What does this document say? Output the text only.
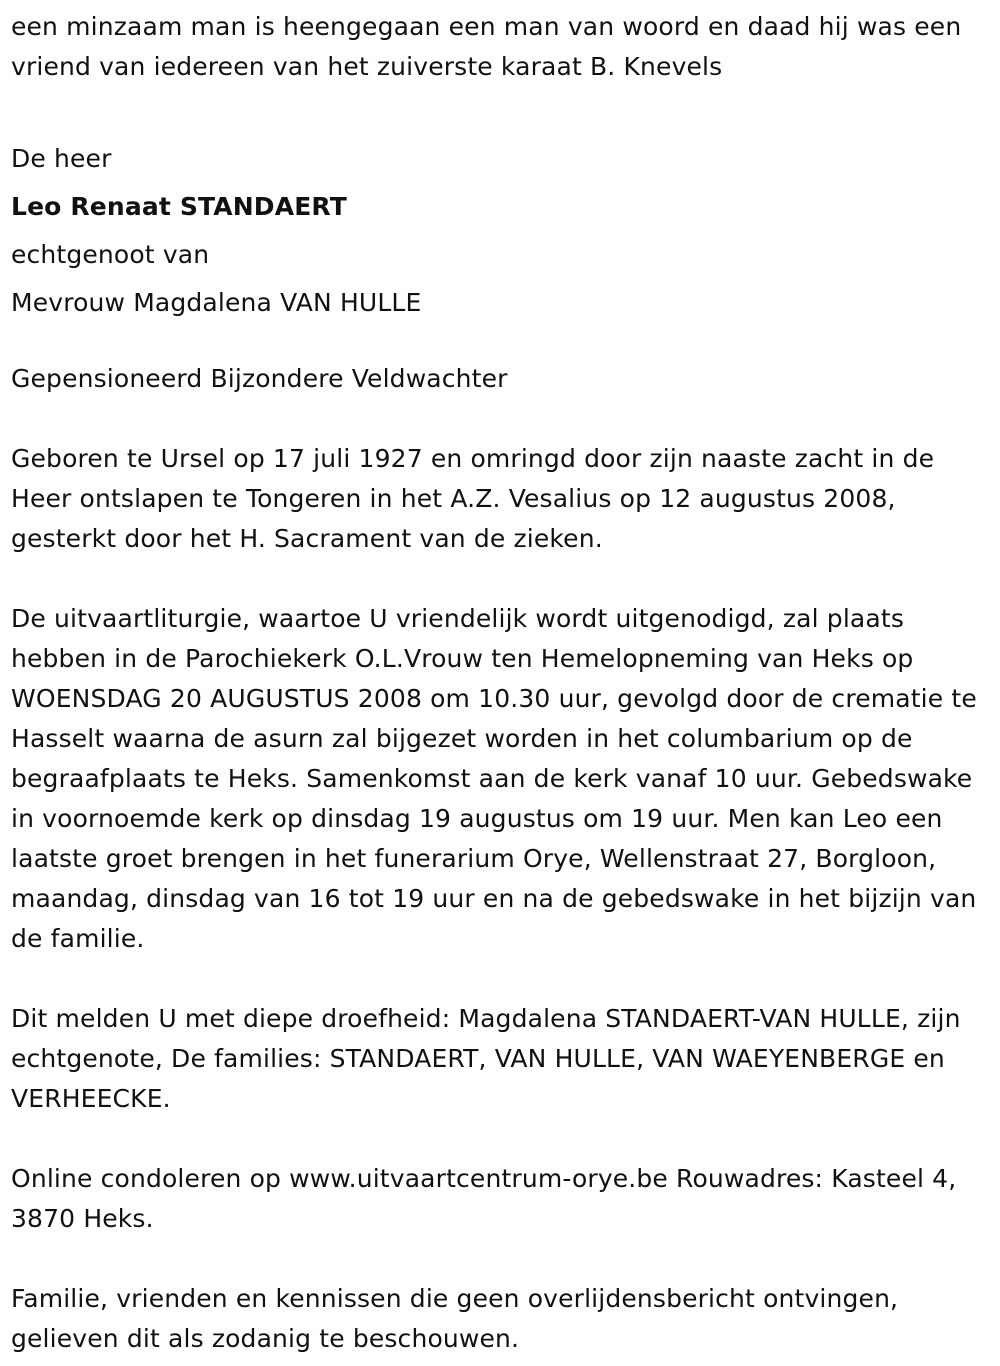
een minzaam man is heengegaan een man van woord en daad hij was een vriend van iedereen van het zuiverste karaat B. Knevels

De heer

Leo Renaat STANDAERT

echtgenoot van

Mevrouw Magdalena VAN HULLE

Gepensioneerd Bijzondere Veldwachter

Geboren te Ursel op 17 juli 1927 en omringd door zijn naaste zacht in de Heer ontslapen te Tongeren in het A.Z. Vesalius op 12 augustus 2008, gesterkt door het H. Sacrament van de zieken.

De uitvaartliturgie, waartoe U vriendelijk wordt uitgenodigd, zal plaats hebben in de Parochiekerk O.L.Vrouw ten Hemelopneming van Heks op WOENSDAG 20 AUGUSTUS 2008 om 10.30 uur, gevolgd door de crematie te Hasselt waarna de asurn zal bijgezet worden in het columbarium op de begraafplaats te Heks. Samenkomst aan de kerk vanaf 10 uur. Gebedswake in voornoemde kerk op dinsdag 19 augustus om 19 uur. Men kan Leo een laatste groet brengen in het funerarium Orye, Wellenstraat 27, Borgloon, maandag, dinsdag van 16 tot 19 uur en na de gebedswake in het bijzijn van de familie.

Dit melden U met diepe droefheid: Magdalena STANDAERT-VAN HULLE, zijn echtgenote, De families: STANDAERT, VAN HULLE, VAN WAEYENBERGE en VERHEECKE.

Online condoleren op www.uitvaartcentrum-orye.be Rouwadres: Kasteel 4, 3870 Heks.

Familie, vrienden en kennissen die geen overlijdensbericht ontvingen, gelieven dit als zodanig te beschouwen.
